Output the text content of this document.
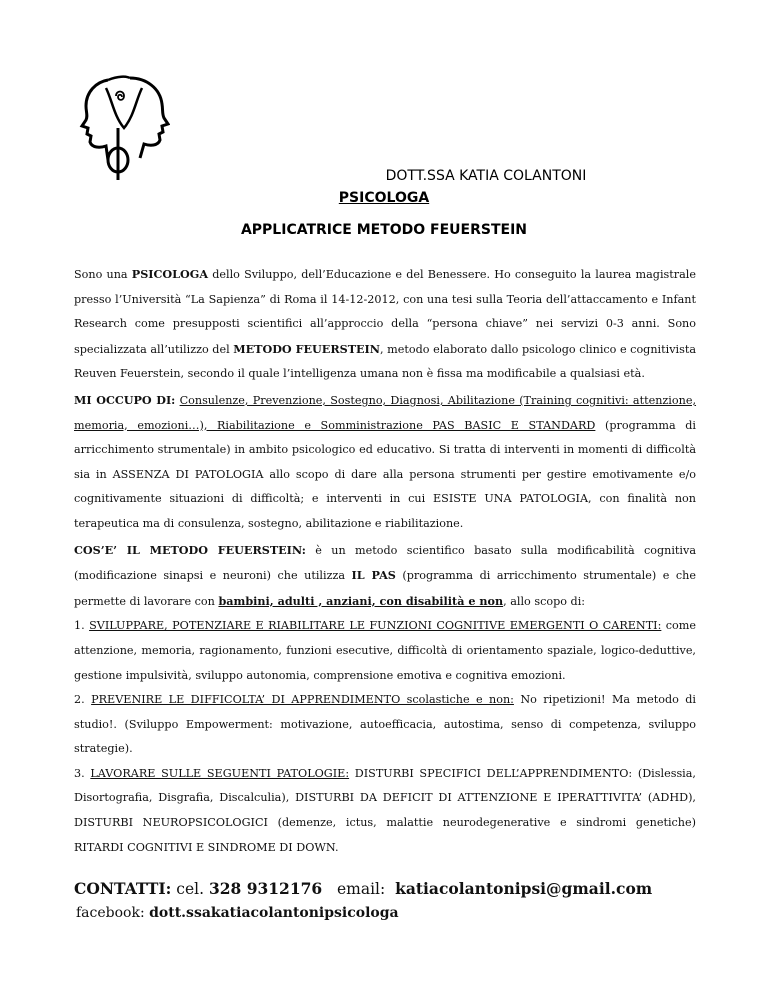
DOTT.SSA KATIA COLANTONI
PSICOLOGA
APPLICATRICE METODO FEUERSTEIN

Sono una PSICOLOGA dello Sviluppo, dell’Educazione e del Benessere. Ho conseguito la laurea magistrale presso l’Università “La Sapienza” di Roma il 14-12-2012, con una tesi sulla Teoria dell’attaccamento e Infant Research come presupposti scientifici all’approccio della “persona chiave” nei servizi 0-3 anni. Sono specializzata all’utilizzo del METODO FEUERSTEIN, metodo elaborato dallo psicologo clinico e cognitivista Reuven Feuerstein, secondo il quale l’intelligenza umana non è fissa ma modificabile a qualsiasi età.

MI OCCUPO DI: Consulenze, Prevenzione, Sostegno, Diagnosi, Abilitazione (Training cognitivi: attenzione, memoria, emozioni…), Riabilitazione e Somministrazione PAS BASIC E STANDARD (programma di arricchimento strumentale) in ambito psicologico ed educativo. Si tratta di interventi in momenti di difficoltà sia in ASSENZA DI PATOLOGIA allo scopo di dare alla persona strumenti per gestire emotivamente e/o cognitivamente situazioni di difficoltà; e interventi in cui ESISTE UNA PATOLOGIA, con finalità non terapeutica ma di consulenza, sostegno, abilitazione e riabilitazione.

COS’E’ IL METODO FEUERSTEIN: è un metodo scientifico basato sulla modificabilità cognitiva (modificazione sinapsi e neuroni) che utilizza IL PAS (programma di arricchimento strumentale) e che permette di lavorare con bambini, adulti , anziani, con disabilità e non, allo scopo di:

1. SVILUPPARE, POTENZIARE E RIABILITARE LE FUNZIONI COGNITIVE EMERGENTI O CARENTI: come attenzione, memoria, ragionamento, funzioni esecutive, difficoltà di orientamento spaziale, logico-deduttive, gestione impulsività, sviluppo autonomia, comprensione emotiva e cognitiva emozioni.

2. PREVENIRE LE DIFFICOLTA’ DI APPRENDIMENTO scolastiche e non: No ripetizioni! Ma metodo di studio!. (Sviluppo Empowerment: motivazione, autoefficacia, autostima, senso di competenza, sviluppo strategie).

3. LAVORARE SULLE SEGUENTI PATOLOGIE: DISTURBI SPECIFICI DELL’APPRENDIMENTO: (Dislessia, Disortografia, Disgrafia, Discalculia), DISTURBI DA DEFICIT DI ATTENZIONE E IPERATTIVITA’ (ADHD), DISTURBI NEUROPSICOLOGICI (demenze, ictus, malattie neurodegenerative e sindromi genetiche) RITARDI COGNITIVI E SINDROME DI DOWN.

CONTATTI: cel. 328 9312176   email:  katiacolantonipsi@gmail.com
facebook: dott.ssakatiacolantonipsicologa
